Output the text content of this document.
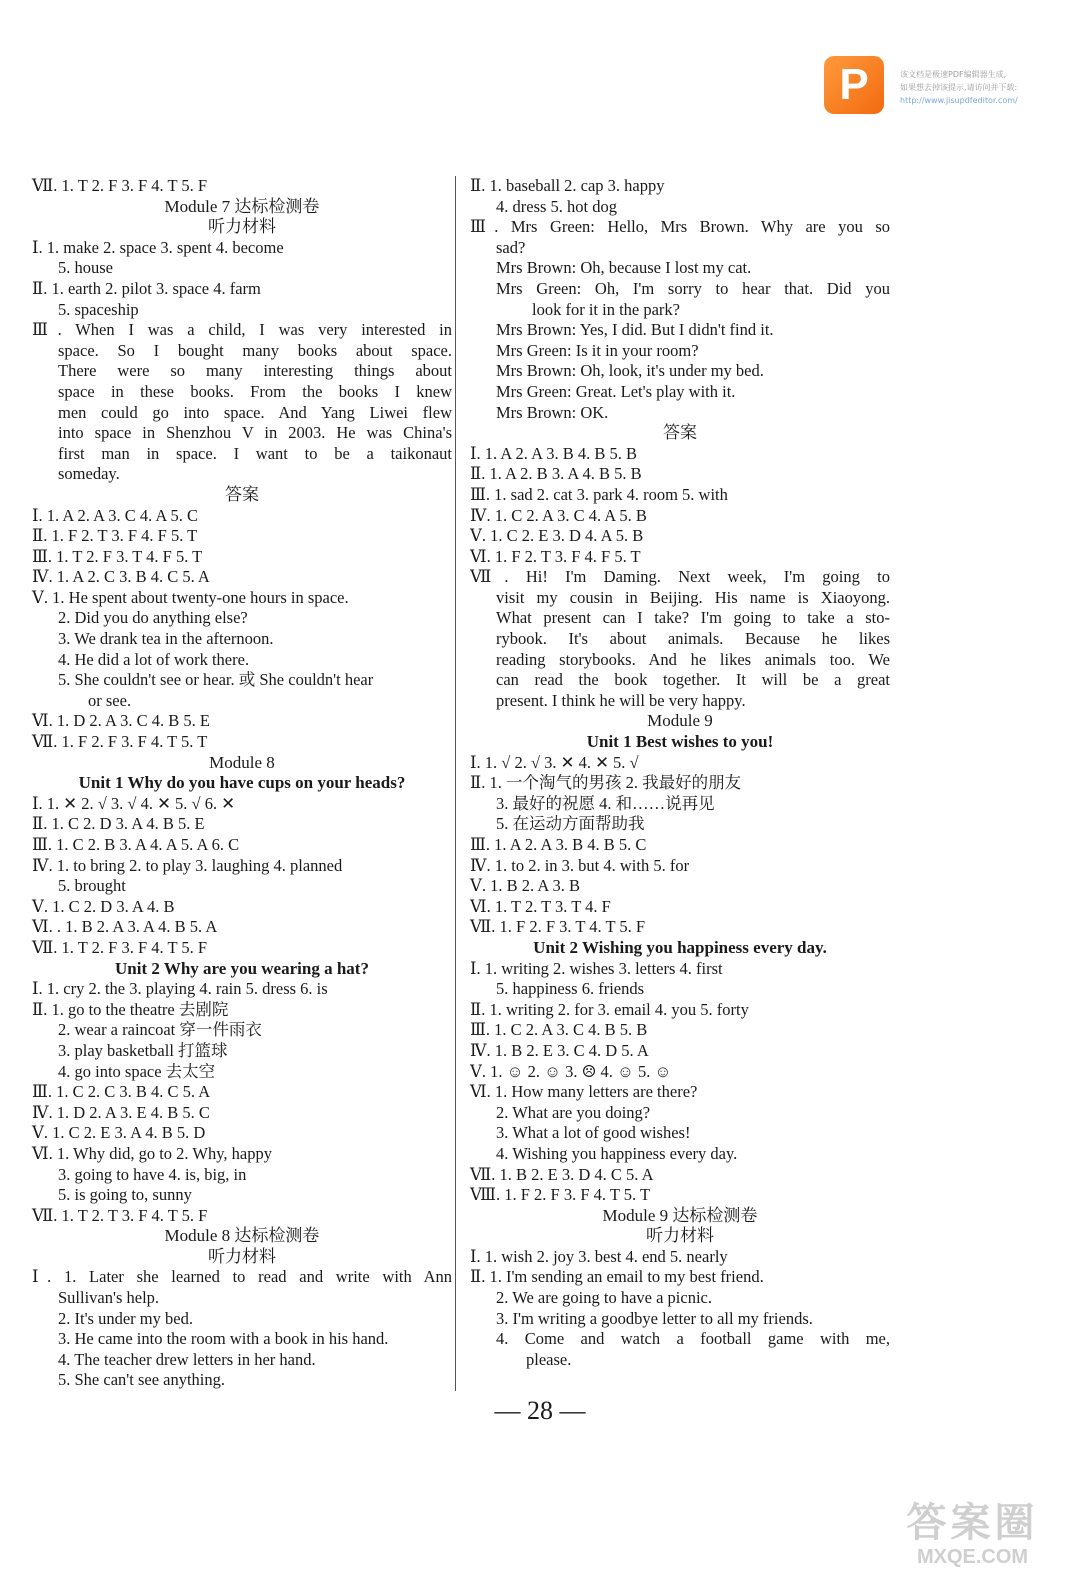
P	该文档是极速PDF编辑器生成,
如果想去掉该提示,请访问并下载:
http://www.jisupdfeditor.com/
Ⅶ. 1. T 2. F 3. F 4. T 5. F
Module 7 达标检测卷
听力材料
Ⅰ. 1. make 2. space 3. spent 4. become
5. house
Ⅱ. 1. earth 2. pilot 3. space 4. farm
5. spaceship
Ⅲ. When I was a child, I was very interested in
space. So I bought many books about space.
There were so many interesting things about
space in these books. From the books I knew
men could go into space. And Yang Liwei flew
into space in Shenzhou V in 2003. He was China's
first man in space. I want to be a taikonaut
someday.
答案
Ⅰ. 1. A 2. A 3. C 4. A 5. C
Ⅱ. 1. F 2. T 3. F 4. F 5. T
Ⅲ. 1. T 2. F 3. T 4. F 5. T
Ⅳ. 1. A 2. C 3. B 4. C 5. A
Ⅴ. 1. He spent about twenty-one hours in space.
2. Did you do anything else?
3. We drank tea in the afternoon.
4. He did a lot of work there.
5. She couldn't see or hear. 或 She couldn't hear
or see.
Ⅵ. 1. D 2. A 3. C 4. B 5. E
Ⅶ. 1. F 2. F 3. F 4. T 5. T
Module 8
Unit 1 Why do you have cups on your heads?
Ⅰ. 1. ✕ 2. √ 3. √ 4. ✕ 5. √ 6. ✕
Ⅱ. 1. C 2. D 3. A 4. B 5. E
Ⅲ. 1. C 2. B 3. A 4. A 5. A 6. C
Ⅳ. 1. to bring 2. to play 3. laughing 4. planned
5. brought
Ⅴ. 1. C 2. D 3. A 4. B
Ⅵ. . 1. B 2. A 3. A 4. B 5. A
Ⅶ. 1. T 2. F 3. F 4. T 5. F
Unit 2 Why are you wearing a hat?
Ⅰ. 1. cry 2. the 3. playing 4. rain 5. dress 6. is
Ⅱ. 1. go to the theatre 去剧院
2. wear a raincoat 穿一件雨衣
3. play basketball 打篮球
4. go into space 去太空
Ⅲ. 1. C 2. C 3. B 4. C 5. A
Ⅳ. 1. D 2. A 3. E 4. B 5. C
Ⅴ. 1. C 2. E 3. A 4. B 5. D
Ⅵ. 1. Why did, go to 2. Why, happy
3. going to have 4. is, big, in
5. is going to, sunny
Ⅶ. 1. T 2. T 3. F 4. T 5. F
Module 8 达标检测卷
听力材料
Ⅰ. 1. Later she learned to read and write with Ann
Sullivan's help.
2. It's under my bed.
3. He came into the room with a book in his hand.
4. The teacher drew letters in her hand.
5. She can't see anything.
Ⅱ. 1. baseball 2. cap 3. happy
4. dress 5. hot dog
Ⅲ. Mrs Green: Hello, Mrs Brown. Why are you so
sad?
Mrs Brown: Oh, because I lost my cat.
Mrs Green: Oh, I'm sorry to hear that. Did you
look for it in the park?
Mrs Brown: Yes, I did. But I didn't find it.
Mrs Green: Is it in your room?
Mrs Brown: Oh, look, it's under my bed.
Mrs Green: Great. Let's play with it.
Mrs Brown: OK.
答案
Ⅰ. 1. A 2. A 3. B 4. B 5. B
Ⅱ. 1. A 2. B 3. A 4. B 5. B
Ⅲ. 1. sad 2. cat 3. park 4. room 5. with
Ⅳ. 1. C 2. A 3. C 4. A 5. B
Ⅴ. 1. C 2. E 3. D 4. A 5. B
Ⅵ. 1. F 2. T 3. F 4. F 5. T
Ⅶ. Hi! I'm Daming. Next week, I'm going to
visit my cousin in Beijing. His name is Xiaoyong.
What present can I take? I'm going to take a sto-
rybook. It's about animals. Because he likes
reading storybooks. And he likes animals too. We
can read the book together. It will be a great
present. I think he will be very happy.
Module 9
Unit 1 Best wishes to you!
Ⅰ. 1. √ 2. √ 3. ✕ 4. ✕ 5. √
Ⅱ. 1. 一个淘气的男孩 2. 我最好的朋友
3. 最好的祝愿 4. 和……说再见
5. 在运动方面帮助我
Ⅲ. 1. A 2. A 3. B 4. B 5. C
Ⅳ. 1. to 2. in 3. but 4. with 5. for
Ⅴ. 1. B 2. A 3. B
Ⅵ. 1. T 2. T 3. T 4. F
Ⅶ. 1. F 2. F 3. T 4. T 5. F
Unit 2 Wishing you happiness every day.
Ⅰ. 1. writing 2. wishes 3. letters 4. first
5. happiness 6. friends
Ⅱ. 1. writing 2. for 3. email 4. you 5. forty
Ⅲ. 1. C 2. A 3. C 4. B 5. B
Ⅳ. 1. B 2. E 3. C 4. D 5. A
Ⅴ. 1. ☺ 2. ☺ 3. ☹ 4. ☺ 5. ☺
Ⅵ. 1. How many letters are there?
2. What are you doing?
3. What a lot of good wishes!
4. Wishing you happiness every day.
Ⅶ. 1. B 2. E 3. D 4. C 5. A
Ⅷ. 1. F 2. F 3. F 4. T 5. T
Module 9 达标检测卷
听力材料
Ⅰ. 1. wish 2. joy 3. best 4. end 5. nearly
Ⅱ. 1. I'm sending an email to my best friend.
2. We are going to have a picnic.
3. I'm writing a goodbye letter to all my friends.
4. Come and watch a football game with me,
please.
— 28 —
答案圈
MXQE.COM
